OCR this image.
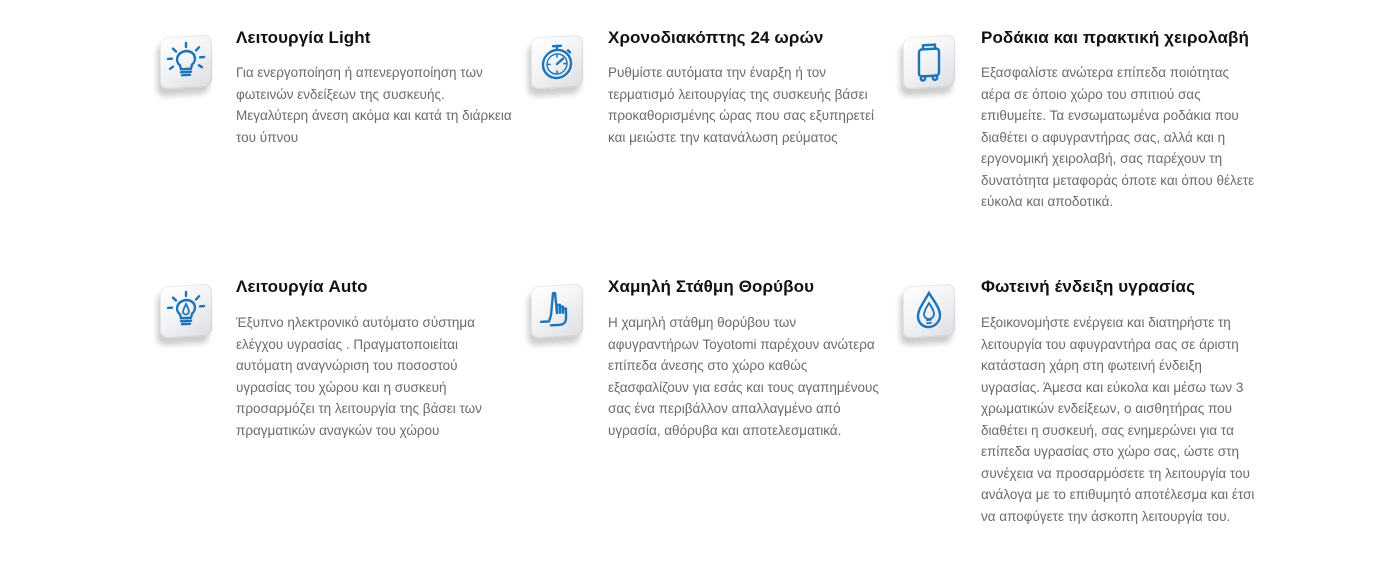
Λειτουργία Light

Για ενεργοποίηση ή απενεργοποίηση των φωτεινών ενδείξεων της συσκευής. Μεγαλύτερη άνεση ακόμα και κατά τη διάρκεια του ύπνου

Χρονοδιακόπτης 24 ωρών

Ρυθμίστε αυτόματα την έναρξη ή τον τερματισμό λειτουργίας της συσκευής βάσει προκαθορισμένης ώρας που σας εξυπηρετεί και μειώστε την κατανάλωση ρεύματος

Ροδάκια και πρακτική χειρολαβή

Εξασφαλίστε ανώτερα επίπεδα ποιότητας αέρα σε όποιο χώρο του σπιτιού σας επιθυμείτε. Τα ενσωματωμένα ροδάκια που διαθέτει ο αφυγραντήρας σας, αλλά και η εργονομική χειρολαβή, σας παρέχουν τη δυνατότητα μεταφοράς όποτε και όπου θέλετε εύκολα και αποδοτικά.

Λειτουργία Auto

Έξυπνο ηλεκτρονικό αυτόματο σύστημα ελέγχου υγρασίας . Πραγματοποιείται αυτόματη αναγνώριση του ποσοστού υγρασίας του χώρου και η συσκευή προσαρμόζει τη λειτουργία της βάσει των πραγματικών αναγκών του χώρου

Χαμηλή Στάθμη Θορύβου

Η χαμηλή στάθμη θορύβου των αφυγραντήρων Toyotomi παρέχουν ανώτερα επίπεδα άνεσης στο χώρο καθώς εξασφαλίζουν για εσάς και τους αγαπημένους σας ένα περιβάλλον απαλλαγμένο από υγρασία, αθόρυβα και αποτελεσματικά.

Φωτεινή ένδειξη υγρασίας

Εξοικονομήστε ενέργεια και διατηρήστε τη λειτουργία του αφυγραντήρα σας σε άριστη κατάσταση χάρη στη φωτεινή ένδειξη υγρασίας. Άμεσα και εύκολα και μέσω των 3 χρωματικών ενδείξεων, ο αισθητήρας που διαθέτει η συσκευή, σας ενημερώνει για τα επίπεδα υγρασίας στο χώρο σας, ώστε στη συνέχεια να προσαρμόσετε τη λειτουργία του ανάλογα με το επιθυμητό αποτέλεσμα και έτσι να αποφύγετε την άσκοπη λειτουργία του.
